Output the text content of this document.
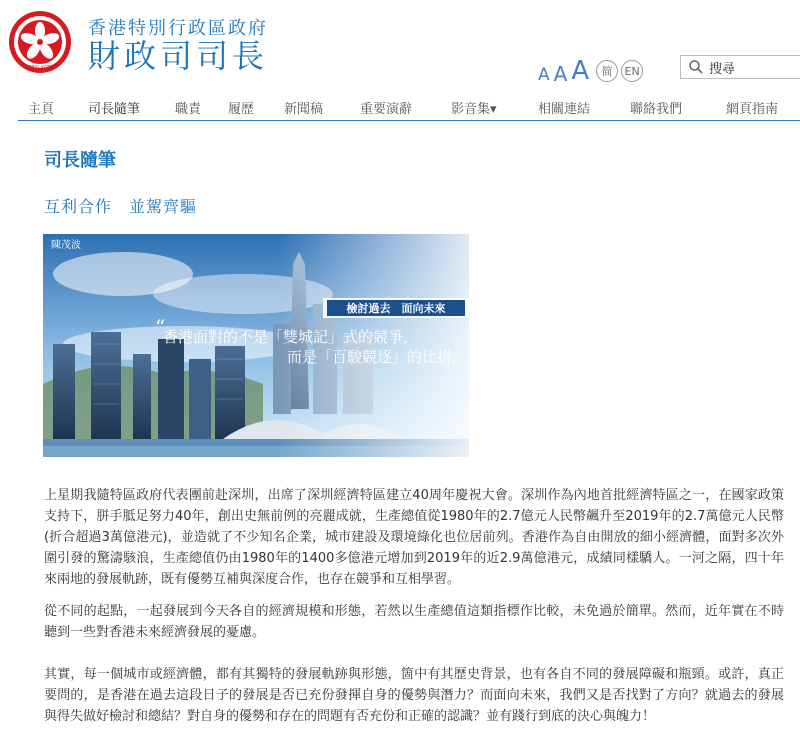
HONG KONG
香港特別行政區政府
財政司司長	A A A	简	EN	搜尋
主頁	司長隨筆	職責 履歷 新聞稿	重要演辭	影音集▾	相關連結	聯絡我們	網頁指南
司長隨筆
互利合作　並駕齊驅
陳茂波
檢討過去　面向未來
“
香港面對的不是「雙城記」式的競爭，
而是「百駿競逐」的比拼。

上星期我隨特區政府代表團前赴深圳，出席了深圳經濟特區建立40周年慶祝大會。深圳作為內地首批經濟特區之一，在國家政策支持下，胼手胝足努力40年，創出史無前例的亮麗成就，生產總值從1980年的2.7億元人民幣飆升至2019年的2.7萬億元人民幣(折合超過3萬億港元)，並造就了不少知名企業，城市建設及環境綠化也位居前列。香港作為自由開放的細小經濟體，面對多次外圍引發的驚濤駭浪，生產總值仍由1980年的1400多億港元增加到2019年的近2.9萬億港元，成績同樣驕人。一河之隔，四十年來兩地的發展軌跡，既有優勢互補與深度合作，也存在競爭和互相學習。

從不同的起點，一起發展到今天各自的經濟規模和形態，若然以生產總值這類指標作比較，未免過於簡單。然而，近年實在不時聽到一些對香港未來經濟發展的憂慮。

其實，每一個城市或經濟體，都有其獨特的發展軌跡與形態，箇中有其歷史背景，也有各自不同的發展障礙和瓶頸。或許，真正要問的，是香港在過去這段日子的發展是否已充份發揮自身的優勢與潛力？而面向未來，我們又是否找對了方向？就過去的發展與得失做好檢討和總結？對自身的優勢和存在的問題有否充份和正確的認識？並有踐行到底的決心與魄力！
